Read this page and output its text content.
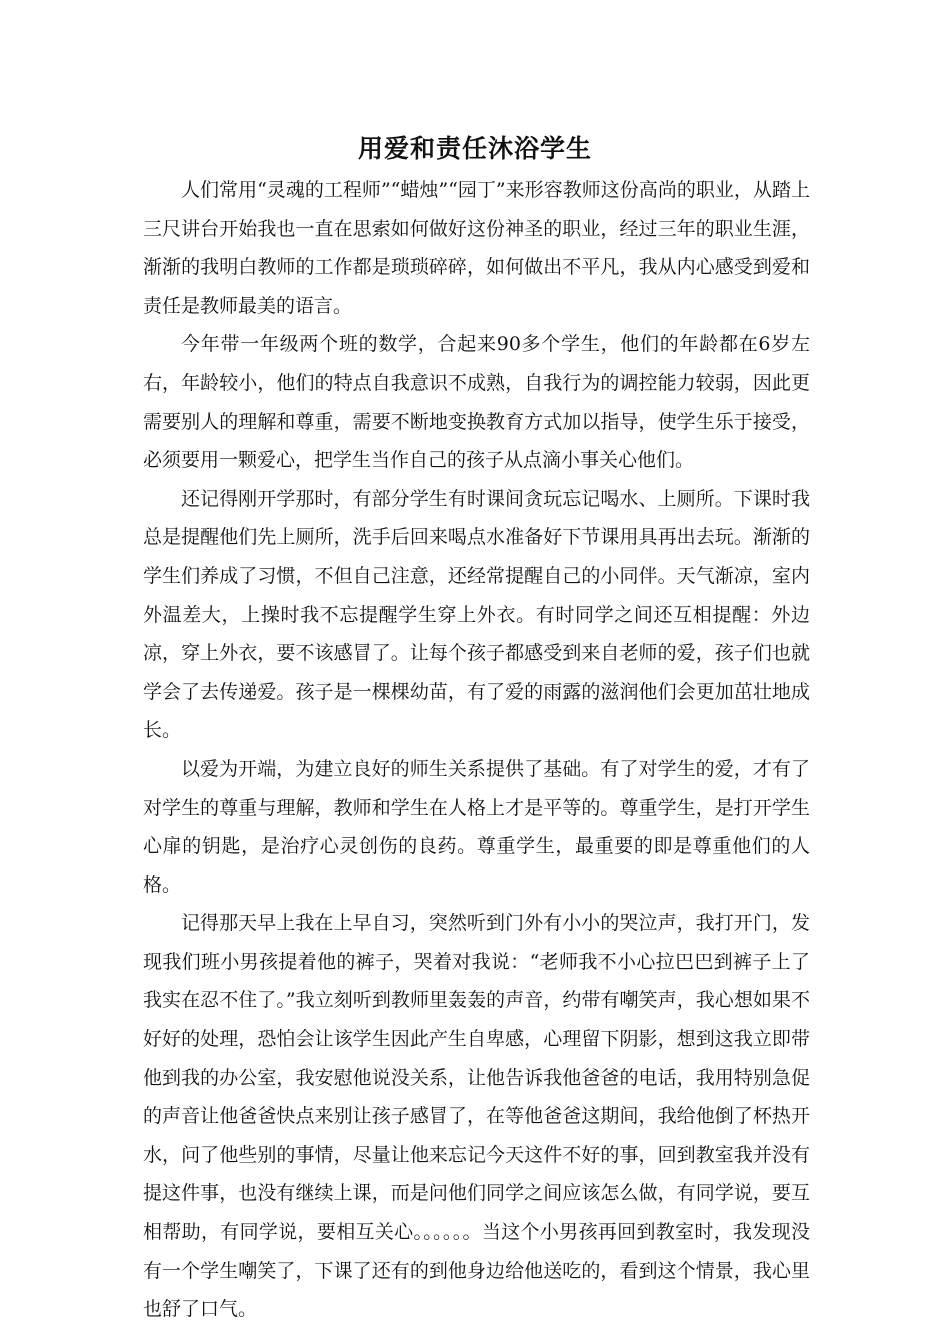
用爱和责任沐浴学生

人们常用“灵魂的工程师”“蜡烛”“园丁”来形容教师这份高尚的职业，从踏上三尺讲台开始我也一直在思索如何做好这份神圣的职业，经过三年的职业生涯，渐渐的我明白教师的工作都是琐琐碎碎，如何做出不平凡，我从内心感受到爱和责任是教师最美的语言。

今年带一年级两个班的数学，合起来90多个学生，他们的年龄都在6岁左右，年龄较小，他们的特点自我意识不成熟，自我行为的调控能力较弱，因此更需要别人的理解和尊重，需要不断地变换教育方式加以指导，使学生乐于接受，必须要用一颗爱心，把学生当作自己的孩子从点滴小事关心他们。

还记得刚开学那时，有部分学生有时课间贪玩忘记喝水、上厕所。下课时我总是提醒他们先上厕所，洗手后回来喝点水准备好下节课用具再出去玩。渐渐的学生们养成了习惯，不但自己注意，还经常提醒自己的小同伴。天气渐凉，室内外温差大，上操时我不忘提醒学生穿上外衣。有时同学之间还互相提醒：外边凉，穿上外衣，要不该感冒了。让每个孩子都感受到来自老师的爱，孩子们也就学会了去传递爱。孩子是一棵棵幼苗，有了爱的雨露的滋润他们会更加茁壮地成长。

以爱为开端，为建立良好的师生关系提供了基础。有了对学生的爱，才有了对学生的尊重与理解，教师和学生在人格上才是平等的。尊重学生，是打开学生心扉的钥匙，是治疗心灵创伤的良药。尊重学生，最重要的即是尊重他们的人格。

记得那天早上我在上早自习，突然听到门外有小小的哭泣声，我打开门，发现我们班小男孩提着他的裤子，哭着对我说：“老师我不小心拉巴巴到裤子上了我实在忍不住了。”我立刻听到教师里轰轰的声音，约带有嘲笑声，我心想如果不好好的处理，恐怕会让该学生因此产生自卑感，心理留下阴影，想到这我立即带他到我的办公室，我安慰他说没关系，让他告诉我他爸爸的电话，我用特别急促的声音让他爸爸快点来别让孩子感冒了，在等他爸爸这期间，我给他倒了杯热开水，问了他些别的事情，尽量让他来忘记今天这件不好的事，回到教室我并没有提这件事，也没有继续上课，而是问他们同学之间应该怎么做，有同学说，要互相帮助，有同学说，要相互关心。。。。。。当这个小男孩再回到教室时，我发现没有一个学生嘲笑了，下课了还有的到他身边给他送吃的，看到这个情景，我心里也舒了口气。
